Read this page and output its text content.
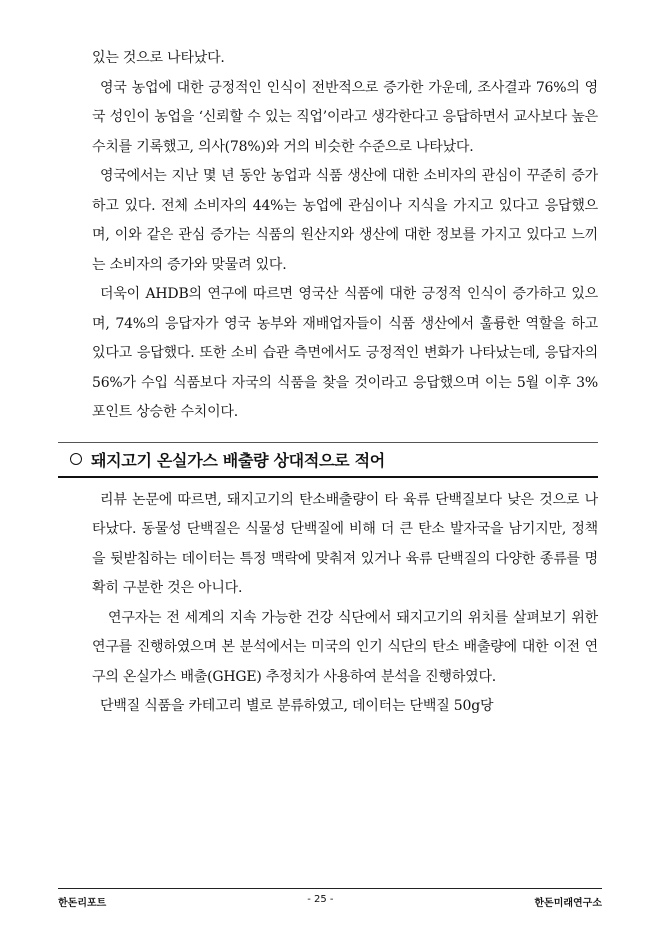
있는 것으로 나타났다.

영국 농업에 대한 긍정적인 인식이 전반적으로 증가한 가운데, 조사결과 76%의 영국 성인이 농업을 ‘신뢰할 수 있는 직업’이라고 생각한다고 응답하면서 교사보다 높은 수치를 기록했고, 의사(78%)와 거의 비슷한 수준으로 나타났다.

영국에서는 지난 몇 년 동안 농업과 식품 생산에 대한 소비자의 관심이 꾸준히 증가하고 있다. 전체 소비자의 44%는 농업에 관심이나 지식을 가지고 있다고 응답했으며, 이와 같은 관심 증가는 식품의 원산지와 생산에 대한 정보를 가지고 있다고 느끼는 소비자의 증가와 맞물려 있다.

더욱이 AHDB의 연구에 따르면 영국산 식품에 대한 긍정적 인식이 증가하고 있으며, 74%의 응답자가 영국 농부와 재배업자들이 식품 생산에서 훌륭한 역할을 하고 있다고 응답했다. 또한 소비 습관 측면에서도 긍정적인 변화가 나타났는데, 응답자의 56%가 수입 식품보다 자국의 식품을 찾을 것이라고 응답했으며 이는 5월 이후 3%포인트 상승한 수치이다.

돼지고기 온실가스 배출량 상대적으로 적어

리뷰 논문에 따르면, 돼지고기의 탄소배출량이 타 육류 단백질보다 낮은 것으로 나타났다. 동물성 단백질은 식물성 단백질에 비해 더 큰 탄소 발자국을 남기지만, 정책을 뒷받침하는 데이터는 특정 맥락에 맞춰져 있거나 육류 단백질의 다양한 종류를 명확히 구분한 것은 아니다.

연구자는 전 세계의 지속 가능한 건강 식단에서 돼지고기의 위치를 살펴보기 위한 연구를 진행하였으며 본 분석에서는 미국의 인기 식단의 탄소 배출량에 대한 이전 연구의 온실가스 배출(GHGE) 추정치가 사용하여 분석을 진행하였다.

단백질 식품을 카테고리 별로 분류하였고, 데이터는 단백질 50g당

한돈리포트	- 25 -	한돈미래연구소
